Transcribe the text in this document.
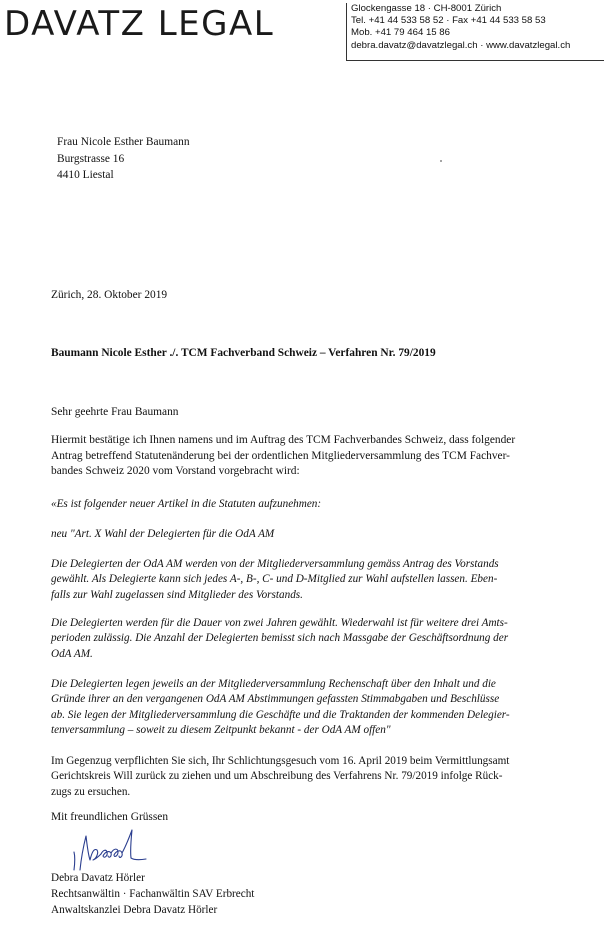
DAVATZ LEGAL	Glockengasse 18 · CH-8001 Zürich
Tel. +41 44 533 58 52 · Fax +41 44 533 58 53
Mob. +41 79 464 15 86
debra.davatz@davatzlegal.ch · www.davatzlegal.ch
Frau Nicole Esther Baumann
Burgstrasse 16
4410 Liestal
Zürich, 28. Oktober 2019
Baumann Nicole Esther ./. TCM Fachverband Schweiz – Verfahren Nr. 79/2019
Sehr geehrte Frau Baumann
Hiermit bestätige ich Ihnen namens und im Auftrag des TCM Fachverbandes Schweiz, dass folgender
Antrag betreffend Statutenänderung bei der ordentlichen Mitgliederversammlung des TCM Fachver-
bandes Schweiz 2020 vom Vorstand vorgebracht wird:
«Es ist folgender neuer Artikel in die Statuten aufzunehmen:
neu "Art. X Wahl der Delegierten für die OdA AM
Die Delegierten der OdA AM werden von der Mitgliederversammlung gemäss Antrag des Vorstands
gewählt. Als Delegierte kann sich jedes A-, B-, C- und D-Mitglied zur Wahl aufstellen lassen. Eben-
falls zur Wahl zugelassen sind Mitglieder des Vorstands.
Die Delegierten werden für die Dauer von zwei Jahren gewählt. Wiederwahl ist für weitere drei Amts-
perioden zulässig. Die Anzahl der Delegierten bemisst sich nach Massgabe der Geschäftsordnung der
OdA AM.
Die Delegierten legen jeweils an der Mitgliederversammlung Rechenschaft über den Inhalt und die
Gründe ihrer an den vergangenen OdA AM Abstimmungen gefassten Stimmabgaben und Beschlüsse
ab. Sie legen der Mitgliederversammlung die Geschäfte und die Traktanden der kommenden Delegier-
tenversammlung – soweit zu diesem Zeitpunkt bekannt - der OdA AM offen"
Im Gegenzug verpflichten Sie sich, Ihr Schlichtungsgesuch vom 16. April 2019 beim Vermittlungsamt
Gerichtskreis Will zurück zu ziehen und um Abschreibung des Verfahrens Nr. 79/2019 infolge Rück-
zugs zu ersuchen.
Mit freundlichen Grüssen
Debra Davatz Hörler
Rechtsanwältin · Fachanwältin SAV Erbrecht
Anwaltskanzlei Debra Davatz Hörler
